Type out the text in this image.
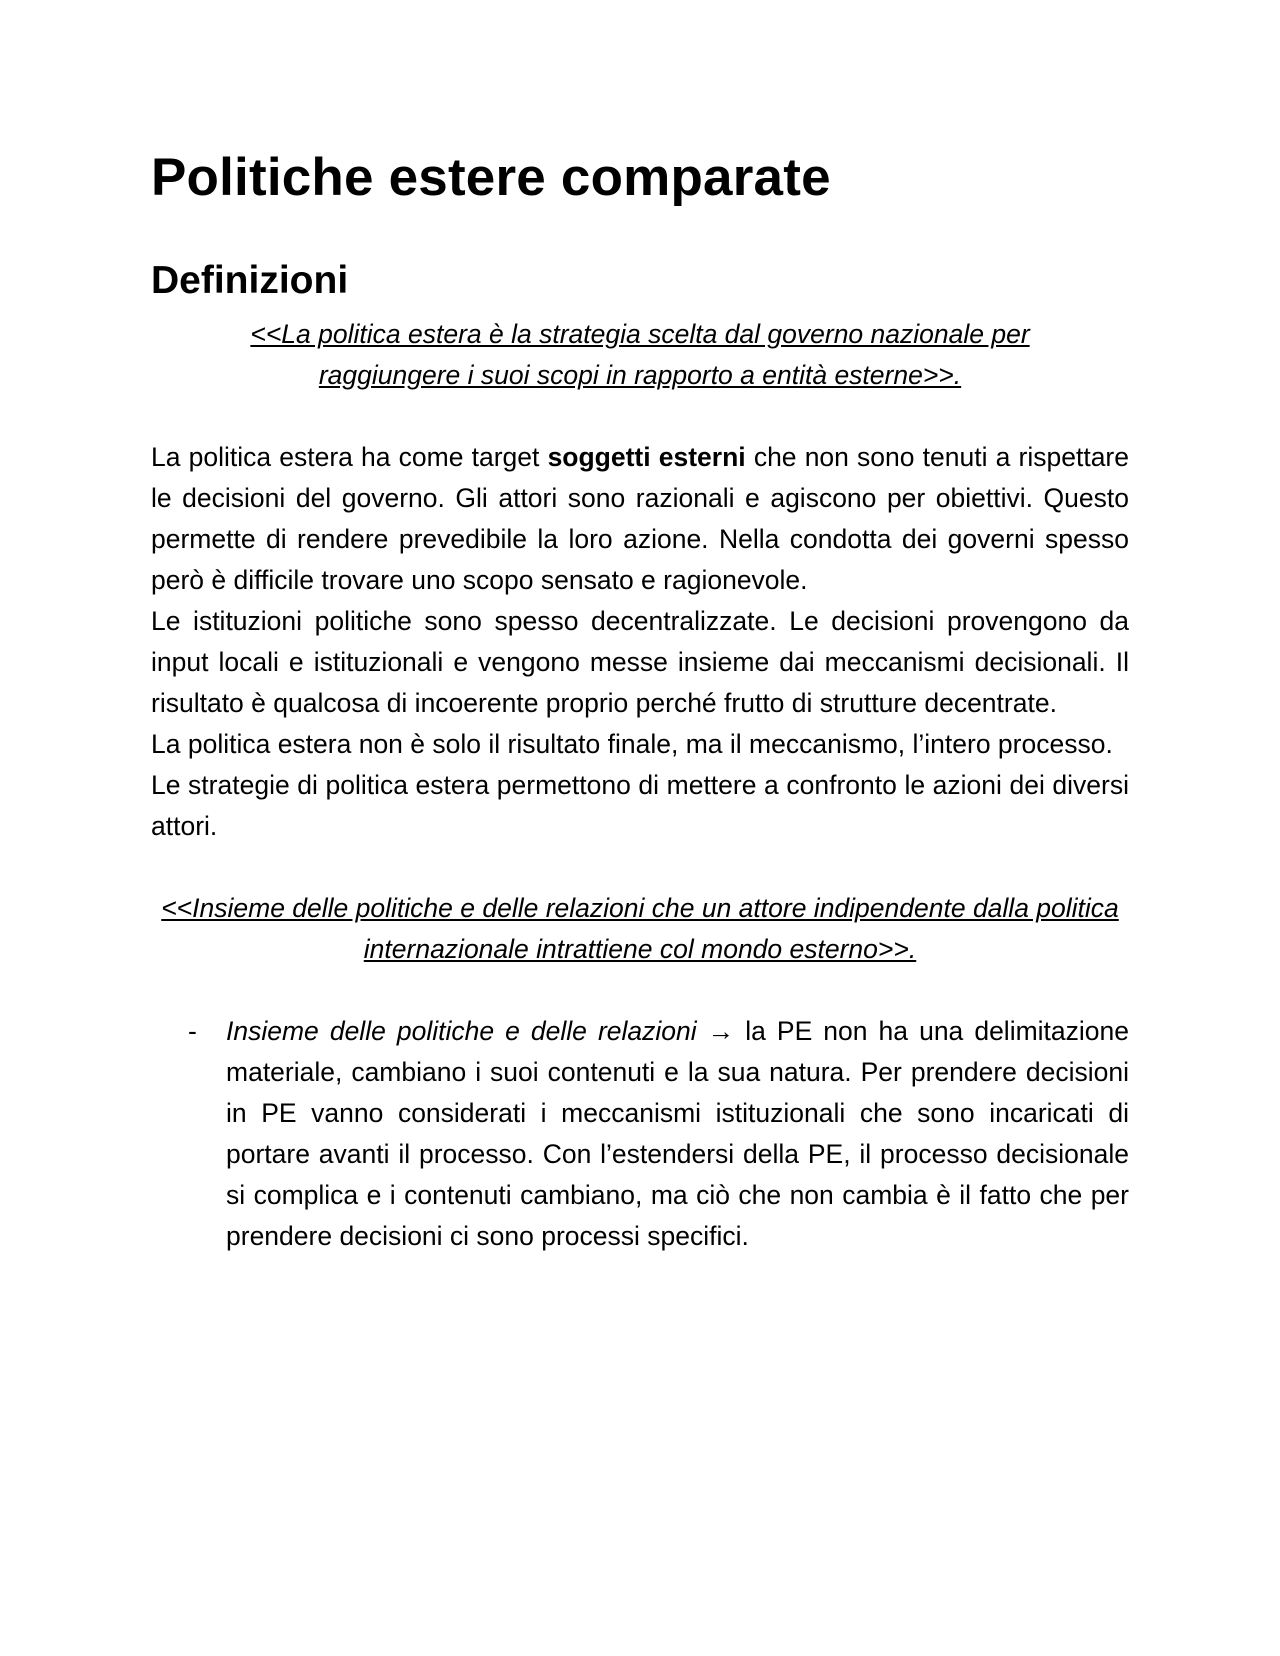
Politiche estere comparate
Definizioni

<<La politica estera è la strategia scelta dal governo nazionale per raggiungere i suoi scopi in rapporto a entità esterne>>.

La politica estera ha come target soggetti esterni che non sono tenuti a rispettare le decisioni del governo. Gli attori sono razionali e agiscono per obiettivi. Questo permette di rendere prevedibile la loro azione. Nella condotta dei governi spesso però è difficile trovare uno scopo sensato e ragionevole.

Le istituzioni politiche sono spesso decentralizzate. Le decisioni provengono da input locali e istituzionali e vengono messe insieme dai meccanismi decisionali. Il risultato è qualcosa di incoerente proprio perché frutto di strutture decentrate.

La politica estera non è solo il risultato finale, ma il meccanismo, l’intero processo.

Le strategie di politica estera permettono di mettere a confronto le azioni dei diversi attori.

<<Insieme delle politiche e delle relazioni che un attore indipendente dalla politica internazionale intrattiene col mondo esterno>>.

- Insieme delle politiche e delle relazioni → la PE non ha una delimitazione materiale, cambiano i suoi contenuti e la sua natura. Per prendere decisioni in PE vanno considerati i meccanismi istituzionali che sono incaricati di portare avanti il processo. Con l’estendersi della PE, il processo decisionale si complica e i contenuti cambiano, ma ciò che non cambia è il fatto che per prendere decisioni ci sono processi specifici.
